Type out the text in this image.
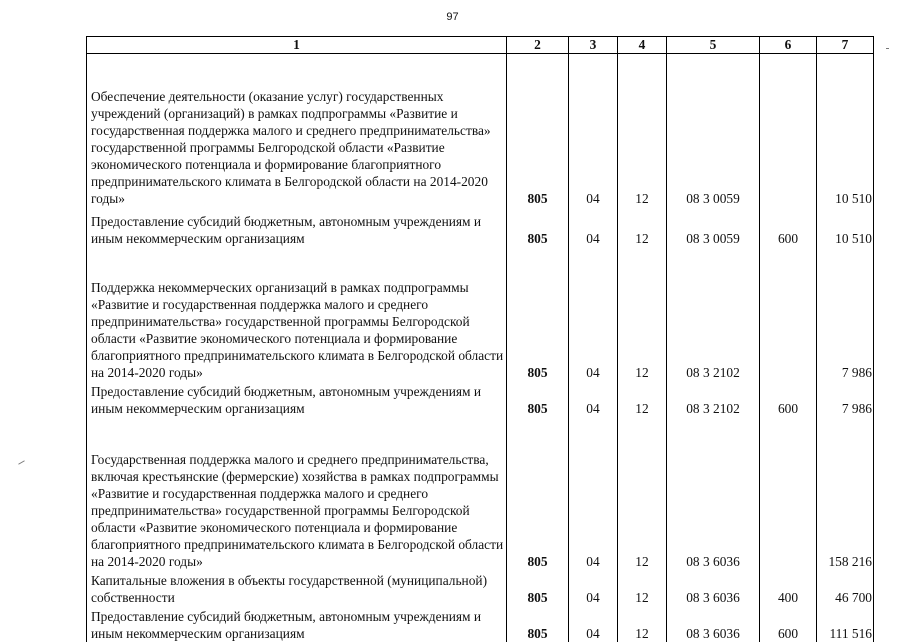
97
1	2	3	4	5	6	7
Обеспечение деятельности (оказание услуг) государственных учреждений (организаций) в рамках подпрограммы «Развитие и государственная поддержка малого и среднего предпринимательства» государственной программы Белгородской области «Развитие экономического потенциала и формирование благоприятного предпринимательского климата в Белгородской области на 2014-2020 годы»	805	04	12	08 3 0059		10 510
Предоставление субсидий бюджетным, автономным учреждениям и иным некоммерческим организациям	805	04	12	08 3 0059	600	10 510
Поддержка некоммерческих организаций в рамках подпрограммы «Развитие и государственная поддержка малого и среднего предпринимательства» государственной программы Белгородской области «Развитие экономического потенциала и формирование благоприятного предпринимательского климата в Белгородской области на 2014-2020 годы»	805	04	12	08 3 2102		7 986
Предоставление субсидий бюджетным, автономным учреждениям и иным некоммерческим организациям	805	04	12	08 3 2102	600	7 986
Государственная поддержка малого и среднего предпринимательства, включая крестьянские (фермерские) хозяйства в рамках подпрограммы «Развитие и государственная поддержка малого и среднего предпринимательства» государственной программы Белгородской области «Развитие экономического потенциала и формирование благоприятного предпринимательского климата в Белгородской области на 2014-2020 годы»	805	04	12	08 3 6036		158 216
Капитальные вложения в объекты государственной (муниципальной) собственности	805	04	12	08 3 6036	400	46 700
Предоставление субсидий бюджетным, автономным учреждениям и иным некоммерческим организациям	805	04	12	08 3 6036	600	111 516
